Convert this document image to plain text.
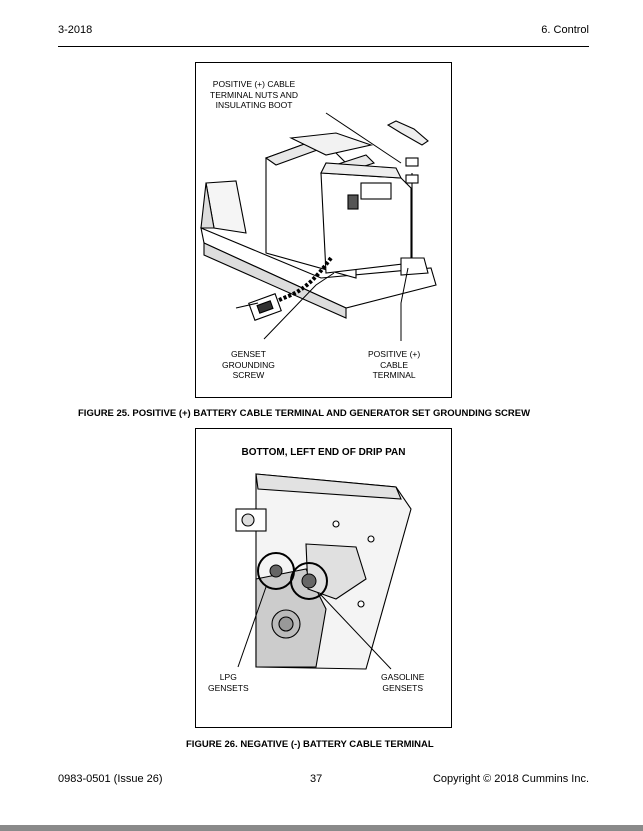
3-2018	6. Control
POSITIVE (+) CABLE
TERMINAL NUTS AND
INSULATING BOOT
GENSET
GROUNDING
SCREW
POSITIVE (+)
CABLE
TERMINAL
FIGURE 25. POSITIVE (+) BATTERY CABLE TERMINAL AND GENERATOR SET GROUNDING SCREW
BOTTOM, LEFT END OF DRIP PAN
LPG
GENSETS
GASOLINE
GENSETS
FIGURE 26. NEGATIVE (-) BATTERY CABLE TERMINAL
0983-0501 (Issue 26)	37	Copyright © 2018 Cummins Inc.
